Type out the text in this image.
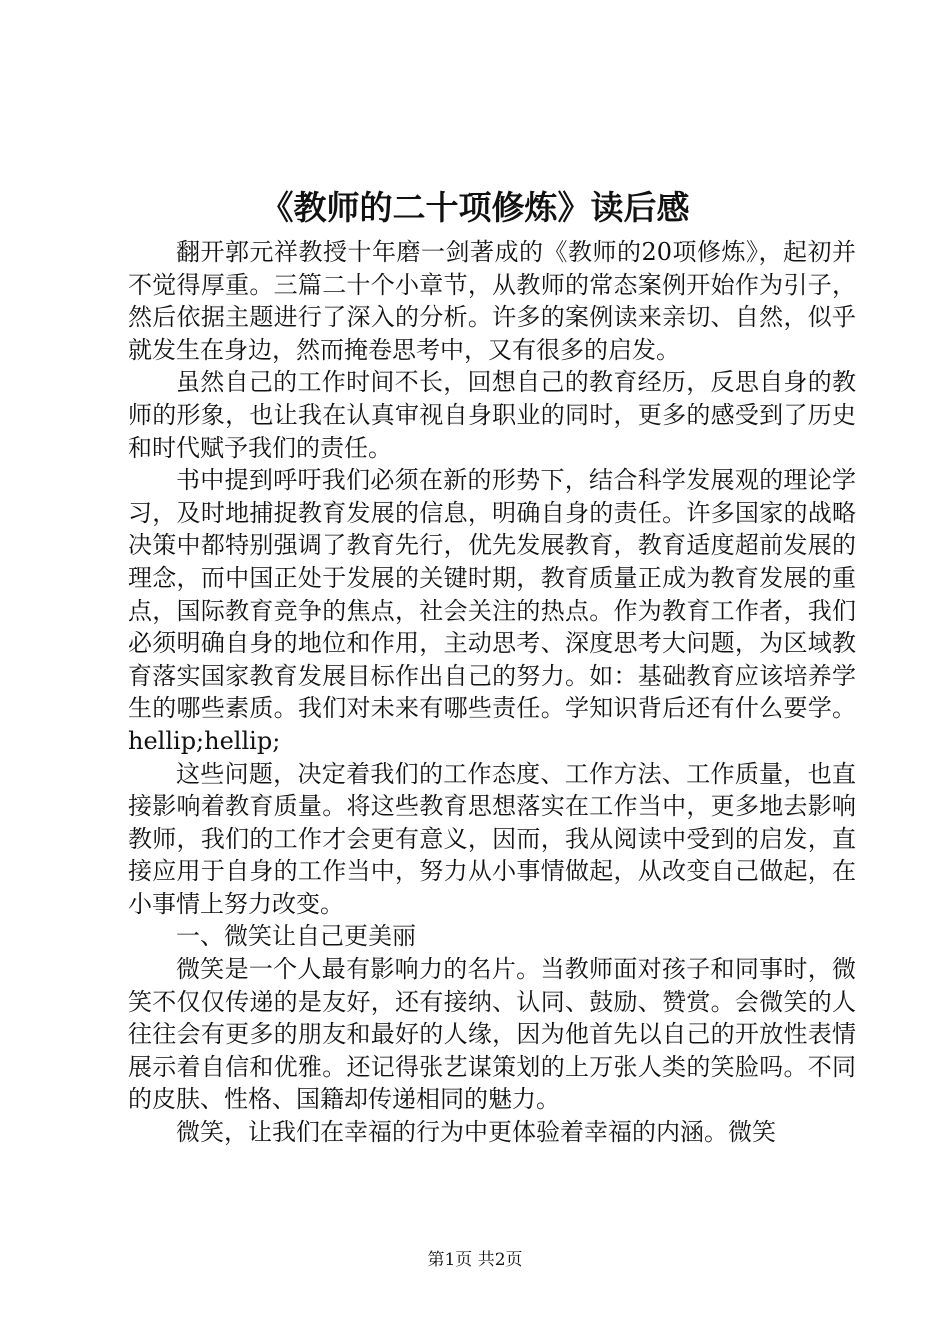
《教师的二十项修炼》读后感

翻开郭元祥教授十年磨一剑著成的《教师的20项修炼》，起初并不觉得厚重。三篇二十个小章节，从教师的常态案例开始作为引子，然后依据主题进行了深入的分析。许多的案例读来亲切、自然，似乎就发生在身边，然而掩卷思考中，又有很多的启发。

虽然自己的工作时间不长，回想自己的教育经历，反思自身的教师的形象，也让我在认真审视自身职业的同时，更多的感受到了历史和时代赋予我们的责任。

书中提到呼吁我们必须在新的形势下，结合科学发展观的理论学习，及时地捕捉教育发展的信息，明确自身的责任。许多国家的战略决策中都特别强调了教育先行，优先发展教育，教育适度超前发展的理念，而中国正处于发展的关键时期，教育质量正成为教育发展的重点，国际教育竞争的焦点，社会关注的热点。作为教育工作者，我们必须明确自身的地位和作用，主动思考、深度思考大问题，为区域教育落实国家教育发展目标作出自己的努力。如：基础教育应该培养学生的哪些素质。我们对未来有哪些责任。学知识背后还有什么要学。hellip;hellip;

这些问题，决定着我们的工作态度、工作方法、工作质量，也直接影响着教育质量。将这些教育思想落实在工作当中，更多地去影响教师，我们的工作才会更有意义，因而，我从阅读中受到的启发，直接应用于自身的工作当中，努力从小事情做起，从改变自己做起，在小事情上努力改变。

一、微笑让自己更美丽

微笑是一个人最有影响力的名片。当教师面对孩子和同事时，微笑不仅仅传递的是友好，还有接纳、认同、鼓励、赞赏。会微笑的人往往会有更多的朋友和最好的人缘，因为他首先以自己的开放性表情展示着自信和优雅。还记得张艺谋策划的上万张人类的笑脸吗。不同的皮肤、性格、国籍却传递相同的魅力。

微笑，让我们在幸福的行为中更体验着幸福的内涵。微笑

第1页 共2页
